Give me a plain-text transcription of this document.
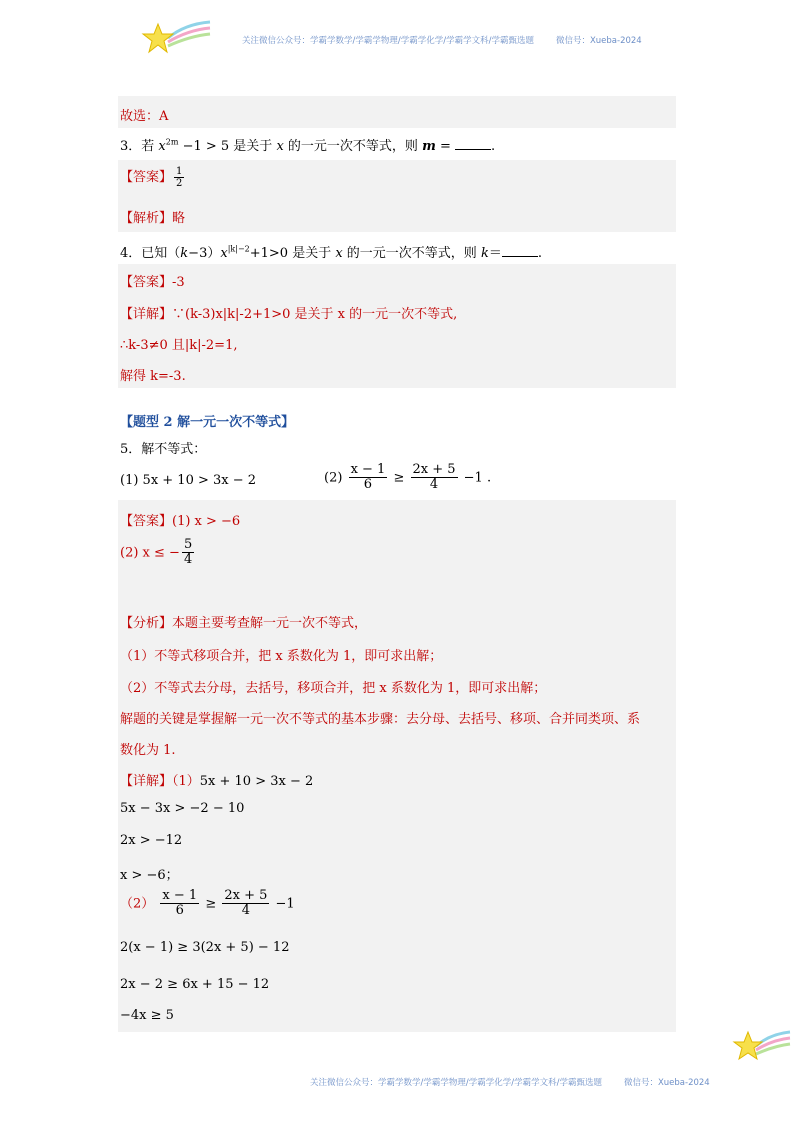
关注微信公众号：学霸学数学/学霸学物理/学霸学化学/学霸学文科/学霸甄选题	微信号：Xueba-2024
故选：A
3．若 $x^{2m} -1 > 5$ 是关于 x 的一元一次不等式，则 m =	.
【答案】 $\frac{1}{2}$
【解析】略
4．已知$(k-3)x^{|k|-2}+1>0$ 是关于 x 的一元一次不等式，则 k＝	.
【答案】-3
【详解】∵(k-3)x|k|-2+1>0 是关于 x 的一元一次不等式,
∴k-3≠0 且|k|-2=1,
解得 k=-3.
【题型 2 解一元一次不等式】
5．解不等式：
(1) 5x + 10 > 3x − 2	$(2) \frac{x - 1}{6} \ge \frac{2x + 5}{4} -1$ .
【答案】(1) x > −6
(2) x ≤ − $\frac{5}{4}$
【分析】本题主要考查解一元一次不等式，
（1）不等式移项合并，把 x 系数化为 1，即可求出解；
（2）不等式去分母，去括号，移项合并，把 x 系数化为 1，即可求出解；
解题的关键是掌握解一元一次不等式的基本步骤：去分母、去括号、移项、合并同类项、系
数化为 1.
【详解】（1）5x + 10 > 3x − 2
5x − 3x > −2 − 10
2x > −12
x > −6；
$(2) \frac{x - 1}{6} \ge \frac{2x + 5}{4} -1$
2(x − 1) ≥ 3(2x + 5) − 12
2x − 2 ≥ 6x + 15 − 12
−4x ≥ 5
关注微信公众号：学霸学数学/学霸学物理/学霸学化学/学霸学文科/学霸甄选题	微信号：Xueba-2024
